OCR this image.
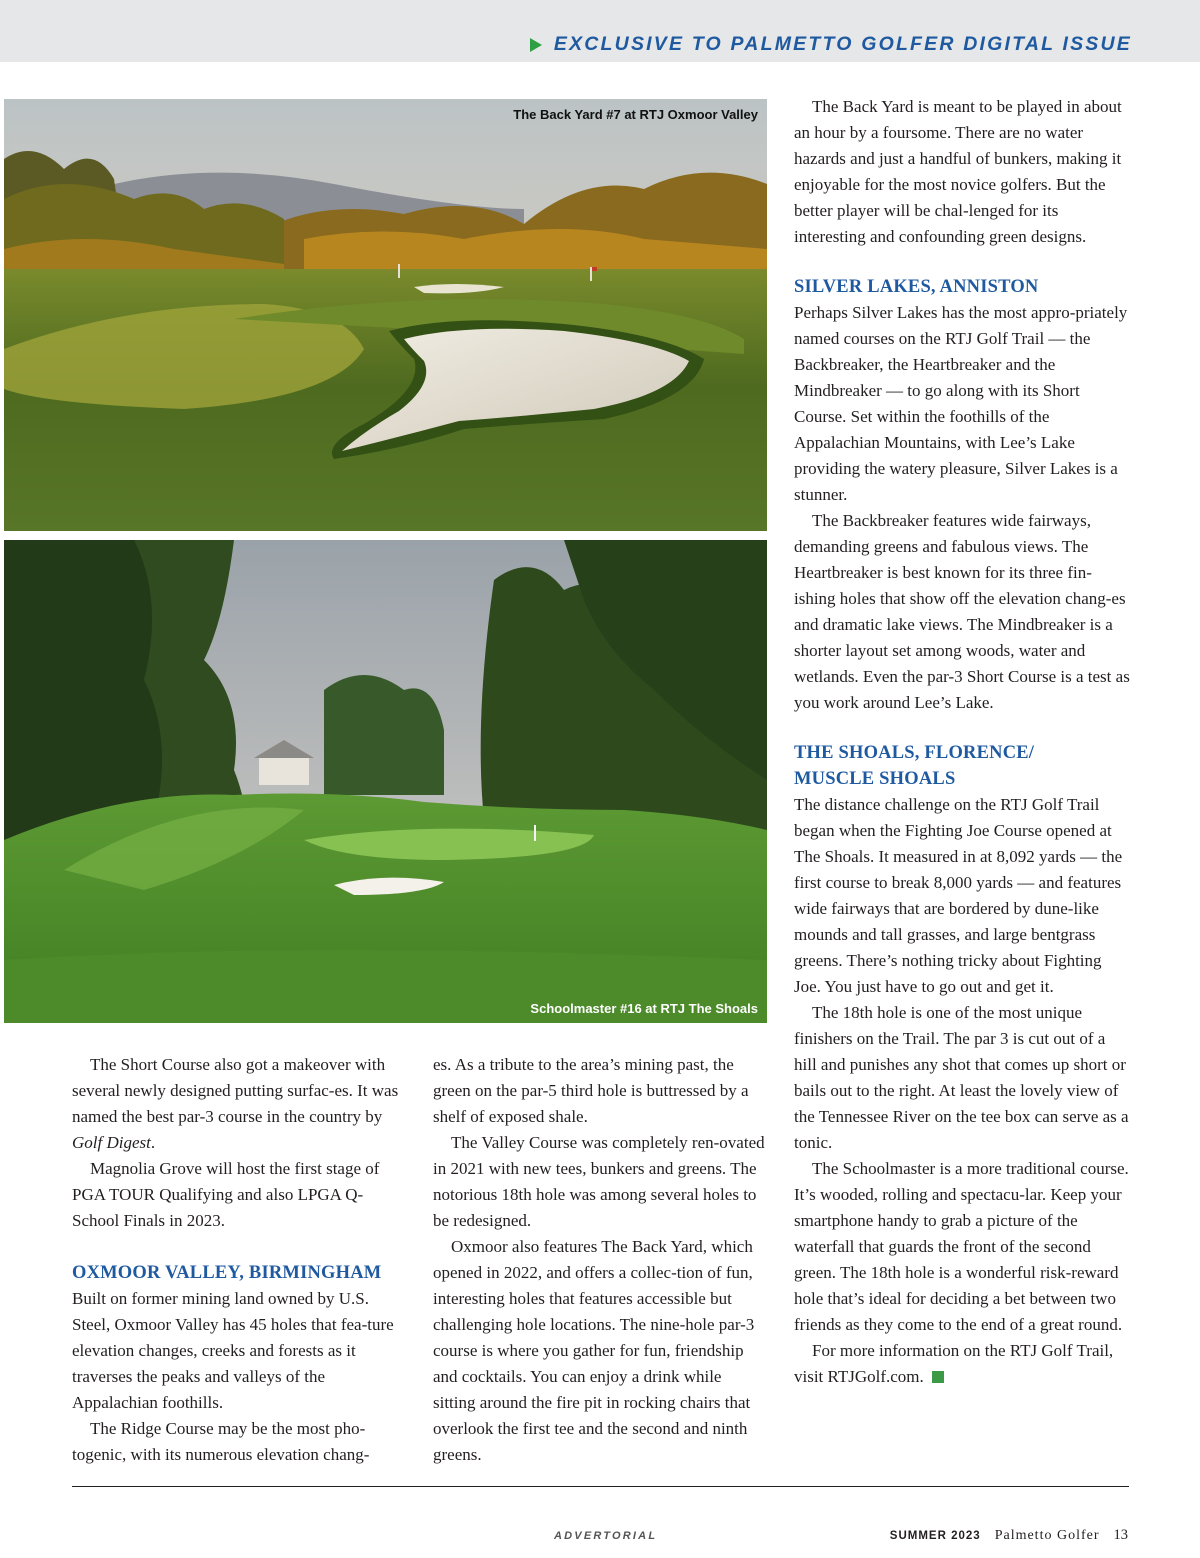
EXCLUSIVE TO PALMETTO GOLFER DIGITAL ISSUE
The Back Yard #7 at RTJ Oxmoor Valley
Schoolmaster #16 at RTJ The Shoals

The Short Course also got a makeover with several newly designed putting surfac-es. It was named the best par-3 course in the country by Golf Digest.

Magnolia Grove will host the first stage of PGA TOUR Qualifying and also LPGA Q-School Finals in 2023.

OXMOOR VALLEY, BIRMINGHAM

Built on former mining land owned by U.S. Steel, Oxmoor Valley has 45 holes that fea-ture elevation changes, creeks and forests as it traverses the peaks and valleys of the Appalachian foothills.

The Ridge Course may be the most pho-togenic, with its numerous elevation chang-

es. As a tribute to the area’s mining past, the green on the par-5 third hole is buttressed by a shelf of exposed shale.

The Valley Course was completely ren-ovated in 2021 with new tees, bunkers and greens. The notorious 18th hole was among several holes to be redesigned.

Oxmoor also features The Back Yard, which opened in 2022, and offers a collec-tion of fun, interesting holes that features accessible but challenging hole locations. The nine-hole par-3 course is where you gather for fun, friendship and cocktails. You can enjoy a drink while sitting around the fire pit in rocking chairs that overlook the first tee and the second and ninth greens.

The Back Yard is meant to be played in about an hour by a foursome. There are no water hazards and just a handful of bunkers, making it enjoyable for the most novice golfers. But the better player will be chal-lenged for its interesting and confounding green designs.

SILVER LAKES, ANNISTON

Perhaps Silver Lakes has the most appro-priately named courses on the RTJ Golf Trail — the Backbreaker, the Heartbreaker and the Mindbreaker — to go along with its Short Course. Set within the foothills of the Appalachian Mountains, with Lee’s Lake providing the watery pleasure, Silver Lakes is a stunner.

The Backbreaker features wide fairways, demanding greens and fabulous views. The Heartbreaker is best known for its three fin-ishing holes that show off the elevation chang-es and dramatic lake views. The Mindbreaker is a shorter layout set among woods, water and wetlands. Even the par-3 Short Course is a test as you work around Lee’s Lake.

THE SHOALS, FLORENCE/
MUSCLE SHOALS

The distance challenge on the RTJ Golf Trail began when the Fighting Joe Course opened at The Shoals. It measured in at 8,092 yards — the first course to break 8,000 yards — and features wide fairways that are bordered by dune-like mounds and tall grasses, and large bentgrass greens. There’s nothing tricky about Fighting Joe. You just have to go out and get it.

The 18th hole is one of the most unique finishers on the Trail. The par 3 is cut out of a hill and punishes any shot that comes up short or bails out to the right. At least the lovely view of the Tennessee River on the tee box can serve as a tonic.

The Schoolmaster is a more traditional course. It’s wooded, rolling and spectacu-lar. Keep your smartphone handy to grab a picture of the waterfall that guards the front of the second green. The 18th hole is a wonderful risk-reward hole that’s ideal for deciding a bet between two friends as they come to the end of a great round.

For more information on the RTJ Golf Trail, visit RTJGolf.com.

ADVERTORIAL	SUMMER 2023 Palmetto Golfer 13
